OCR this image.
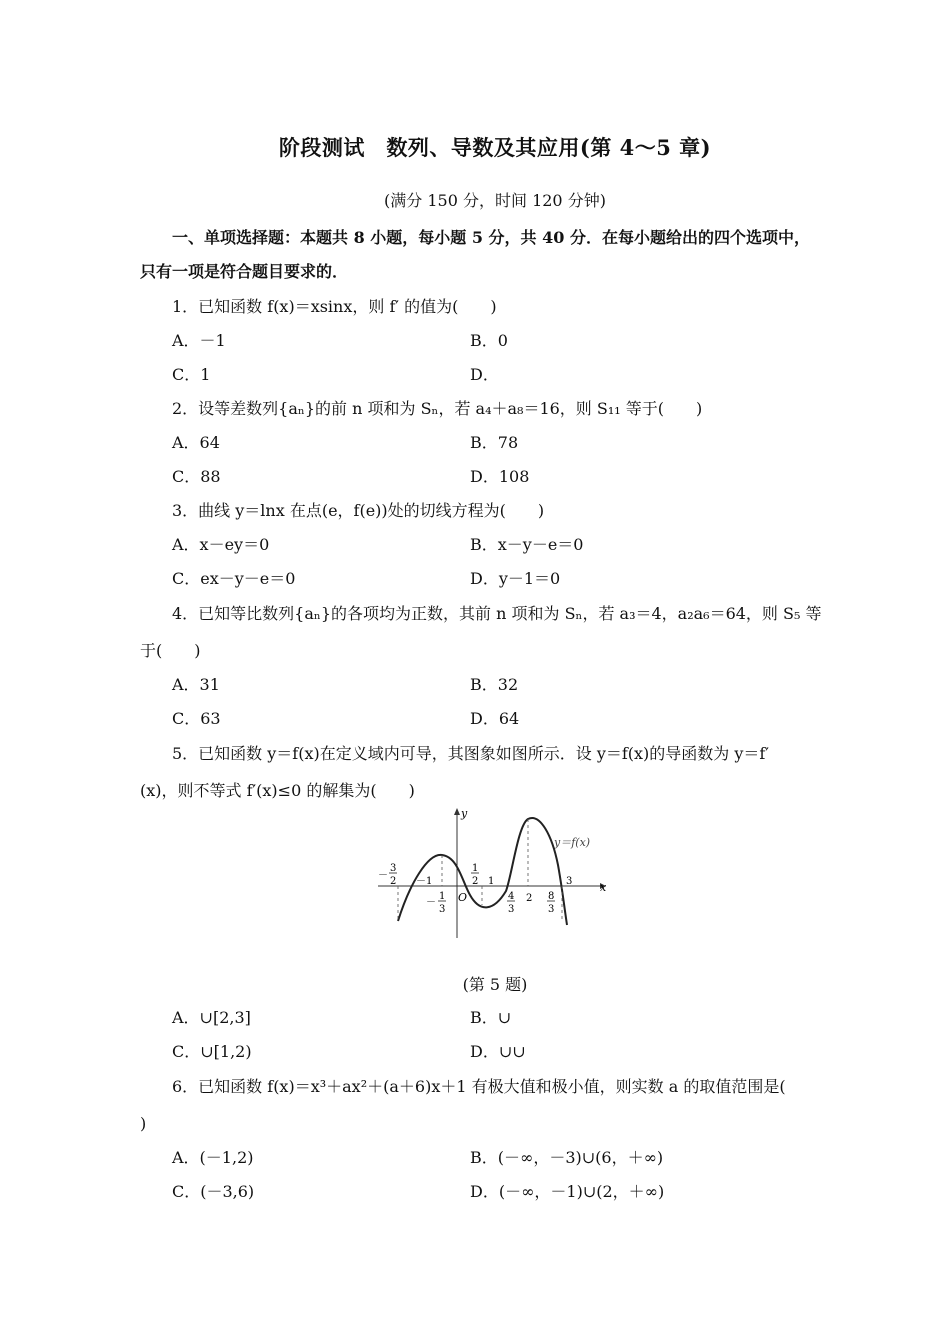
阶段测试　数列、导数及其应用(第 4～5 章)
(满分 150 分，时间 120 分钟)
一、单项选择题：本题共 8 小题，每小题 5 分，共 40 分．在每小题给出的四个选项中，
只有一项是符合题目要求的．
1．已知函数 f(x)＝xsinx，则 f′ 的值为(　　)
A．－1	B．0
C．1	D．
2．设等差数列{aₙ}的前 n 项和为 Sₙ，若 a₄＋a₈＝16，则 S₁₁ 等于(　　)
A．64	B．78
C．88	D．108
3．曲线 y＝lnx 在点(e，f(e))处的切线方程为(　　)
A．x－ey＝0	B．x－y－e＝0
C．ex－y－e＝0	D．y－1＝0
4．已知等比数列{aₙ}的各项均为正数，其前 n 项和为 Sₙ，若 a₃＝4，a₂a₆＝64，则 S₅ 等
于(　　)
A．31	B．32
C．63	D．64
5．已知函数 y＝f(x)在定义域内可导，其图象如图所示．设 y＝f(x)的导函数为 y＝f′
(x)，则不等式 f′(x)≤0 的解集为(　　)
x
y
O
y＝f(x)
－
3
2 － 1
－
1
3
1
2 1
4
3
2 8
3
3
(第 5 题)
A．∪[2,3]	B．∪
C．∪[1,2)	D．∪∪
6．已知函数 f(x)＝x³＋ax²＋(a＋6)x＋1 有极大值和极小值，则实数 a 的取值范围是(
)
A．(－1,2)	B．(－∞，－3)∪(6，＋∞)
C．(－3,6)	D．(－∞，－1)∪(2，＋∞)
